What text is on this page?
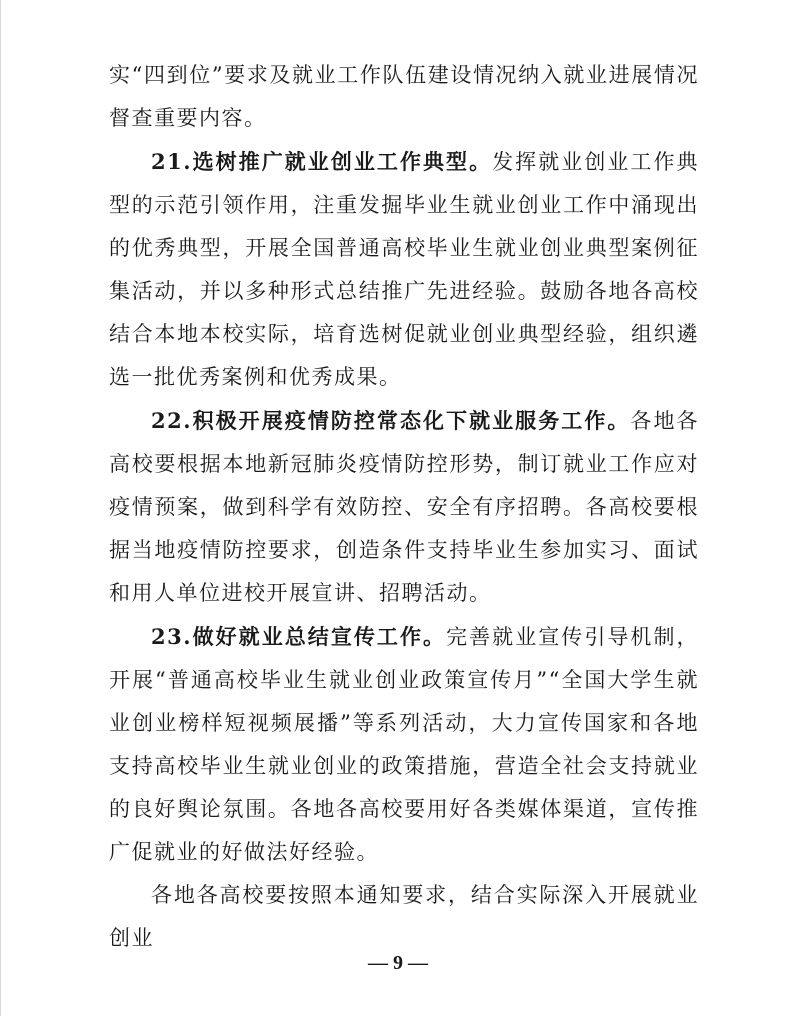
实“四到位”要求及就业工作队伍建设情况纳入就业进展情况督查重要内容。

21.选树推广就业创业工作典型。发挥就业创业工作典型的示范引领作用，注重发掘毕业生就业创业工作中涌现出的优秀典型，开展全国普通高校毕业生就业创业典型案例征集活动，并以多种形式总结推广先进经验。鼓励各地各高校结合本地本校实际，培育选树促就业创业典型经验，组织遴选一批优秀案例和优秀成果。

22.积极开展疫情防控常态化下就业服务工作。各地各高校要根据本地新冠肺炎疫情防控形势，制订就业工作应对疫情预案，做到科学有效防控、安全有序招聘。各高校要根据当地疫情防控要求，创造条件支持毕业生参加实习、面试和用人单位进校开展宣讲、招聘活动。

23.做好就业总结宣传工作。完善就业宣传引导机制，开展“普通高校毕业生就业创业政策宣传月”“全国大学生就业创业榜样短视频展播”等系列活动，大力宣传国家和各地支持高校毕业生就业创业的政策措施，营造全社会支持就业的良好舆论氛围。各地各高校要用好各类媒体渠道，宣传推广促就业的好做法好经验。

各地各高校要按照本通知要求，结合实际深入开展就业创业

— 9 —
